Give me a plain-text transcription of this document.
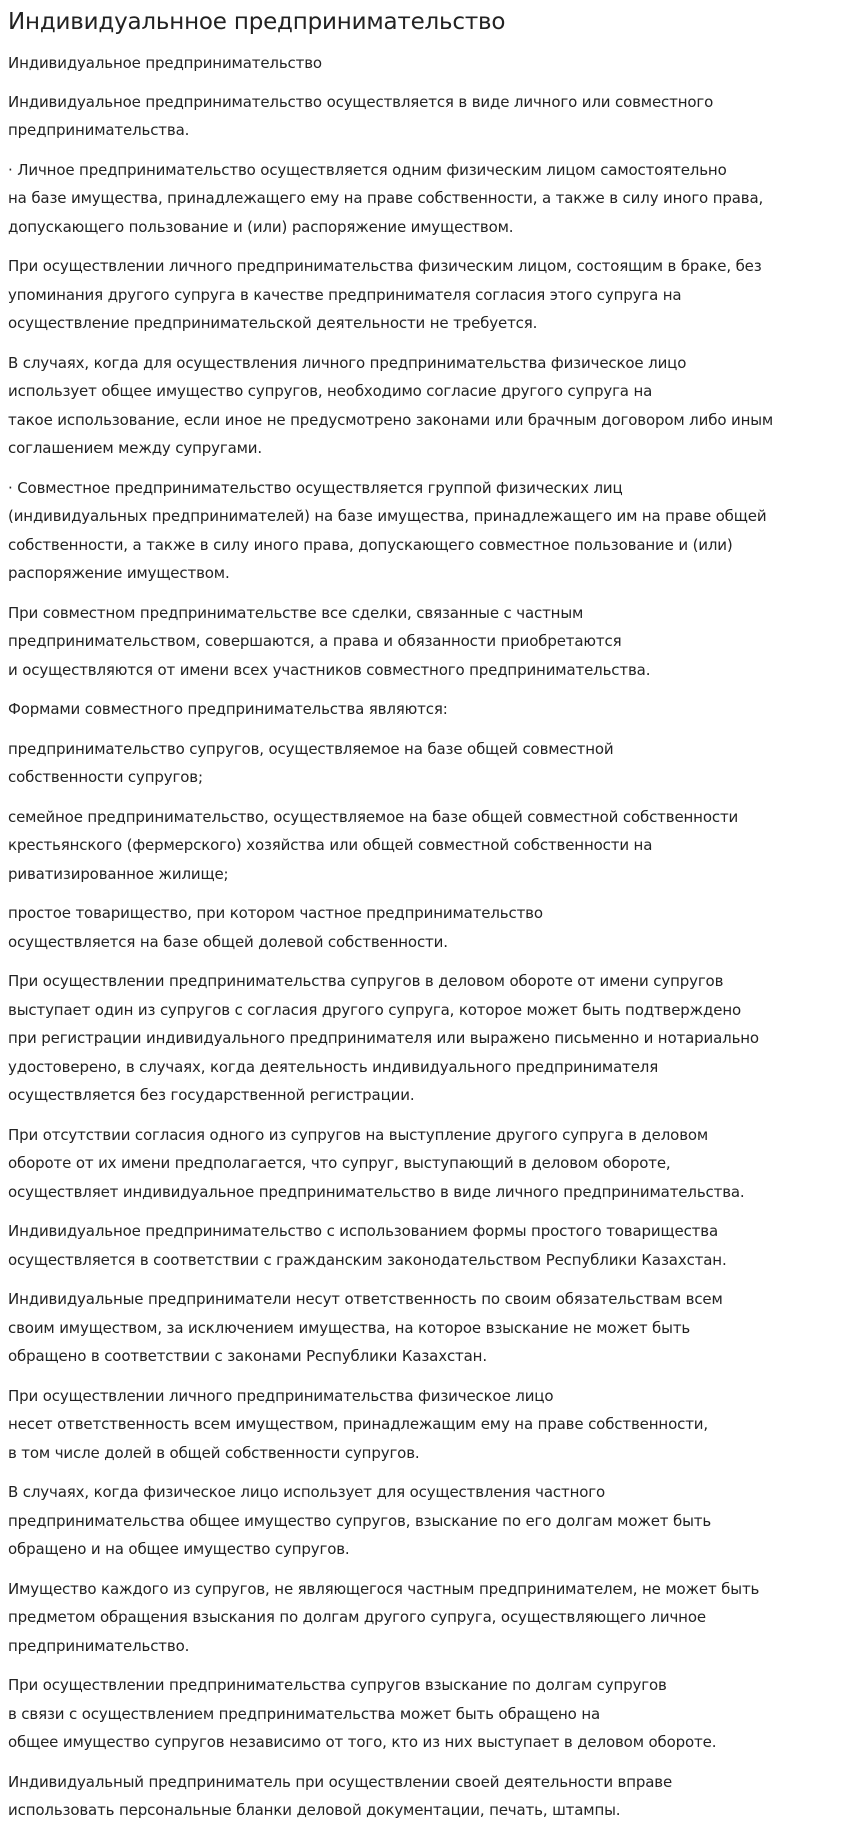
Индивидуальнное предпринимательство

Индивидуальное предпринимательство

Индивидуальное предпринимательство осуществляется в виде личного или совместного
предпринимательства.

· Личное предпринимательство осуществляется одним физическим лицом самостоятельно
на базе имущества, принадлежащего ему на праве собственности, а также в силу иного права,
допускающего пользование и (или) распоряжение имуществом.

При осуществлении личного предпринимательства физическим лицом, состоящим в браке, без
упоминания другого супруга в качестве предпринимателя согласия этого супруга на
осуществление предпринимательской деятельности не требуется.

В случаях, когда для осуществления личного предпринимательства физическое лицо
использует общее имущество супругов, необходимо согласие другого супруга на
такое использование, если иное не предусмотрено законами или брачным договором либо иным
соглашением между супругами.

· Совместное предпринимательство осуществляется группой физических лиц
(индивидуальных предпринимателей) на базе имущества, принадлежащего им на праве общей
собственности, а также в силу иного права, допускающего совместное пользование и (или)
распоряжение имуществом.

При совместном предпринимательстве все сделки, связанные с частным
предпринимательством, совершаются, а права и обязанности приобретаются
и осуществляются от имени всех участников совместного предпринимательства.

Формами совместного предпринимательства являются:

предпринимательство супругов, осуществляемое на базе общей совместной
собственности супругов;

семейное предпринимательство, осуществляемое на базе общей совместной собственности
крестьянского (фермерского) хозяйства или общей совместной собственности на
риватизированное жилище;

простое товарищество, при котором частное предпринимательство
осуществляется на базе общей долевой собственности.

При осуществлении предпринимательства супругов в деловом обороте от имени супругов
выступает один из супругов с согласия другого супруга, которое может быть подтверждено
при регистрации индивидуального предпринимателя или выражено письменно и нотариально
удостоверено, в случаях, когда деятельность индивидуального предпринимателя
осуществляется без государственной регистрации.

При отсутствии согласия одного из супругов на выступление другого супруга в деловом
обороте от их имени предполагается, что супруг, выступающий в деловом обороте,
осуществляет индивидуальное предпринимательство в виде личного предпринимательства.

Индивидуальное предпринимательство с использованием формы простого товарищества
осуществляется в соответствии с гражданским законодательством Республики Казахстан.

Индивидуальные предприниматели несут ответственность по своим обязательствам всем
своим имуществом, за исключением имущества, на которое взыскание не может быть
обращено в соответствии с законами Республики Казахстан.

При осуществлении личного предпринимательства физическое лицо
несет ответственность всем имуществом, принадлежащим ему на праве собственности,
в том числе долей в общей собственности супругов.

В случаях, когда физическое лицо использует для осуществления частного
предпринимательства общее имущество супругов, взыскание по его долгам может быть
обращено и на общее имущество супругов.

Имущество каждого из супругов, не являющегося частным предпринимателем, не может быть
предметом обращения взыскания по долгам другого супруга, осуществляющего личное
предпринимательство.

При осуществлении предпринимательства супругов взыскание по долгам супругов
в связи с осуществлением предпринимательства может быть обращено на
общее имущество супругов независимо от того, кто из них выступает в деловом обороте.

Индивидуальный предприниматель при осуществлении своей деятельности вправе
использовать персональные бланки деловой документации, печать, штампы.
